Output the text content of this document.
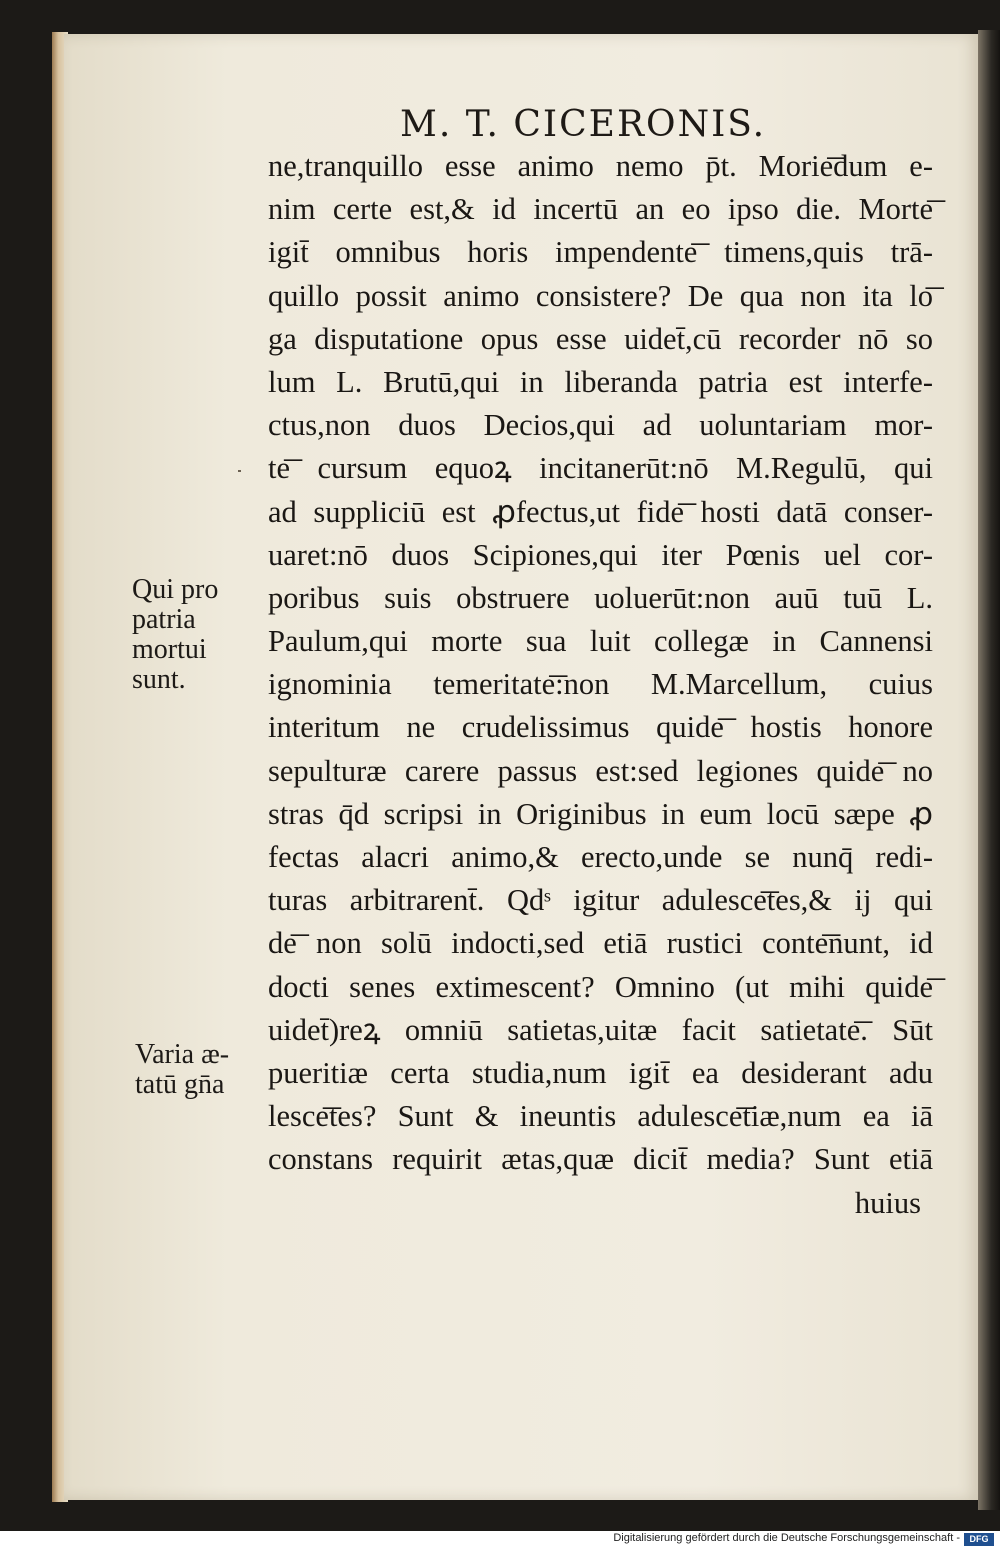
M. T. CICERONIS.
ne,tranquillo esse animo nemo p̄t. Morie͞dum e-
nim certe est,& id incertū an eo ipso die. Morte͞
igit̄ omnibus horis impendente͞ timens,quis trā-
quillo possit animo consistere? De qua non ita lo͞
ga disputatione opus esse uidet̄,cū recorder nō so
lum L. Brutū,qui in liberanda patria est interfe-
ctus,non duos Decios,qui ad uoluntariam mor-
te͞ cursum equoꝝ incitanerūt:nō M.Regulū, qui
ad suppliciū est ꝓfectus,ut fide͞ hosti datā conser-
uaret:nō duos Scipiones,qui iter Pœnis uel cor-
poribus suis obstruere uoluerūt:non auū tuū L.
Paulum,qui morte sua luit collegæ in Cannensi
ignominia temeritate͞:non M.Marcellum, cuius
interitum ne crudelissimus quide͞ hostis honore
sepulturæ carere passus est:sed legiones quide͞ no
stras q̄d scripsi in Originibus in eum locū sæpe ꝓ
fectas alacri animo,& erecto,unde se nunq̄ redi-
turas arbitrarent̄. Qdˢ igitur adulesce͞tes,& ij qui
de͞ non solū indocti,sed etiā rustici conte͞nunt, id
docti senes extimescent? Omnino (ut mihi quide͞
uidet̄)reꝝ omniū satietas,uitæ facit satietate͞. Sūt
pueritiæ certa studia,num igit̄ ea desiderant adu
lesce͞tes? Sunt & ineuntis adulesce͞tiæ,num ea iā
constans requirit ætas,quæ dicit̄ media? Sunt etiā
huius
Qui pro
patria
mortui
sunt.
Varia æ-
tatū gn̄a
Digitalisierung gefördert durch die Deutsche Forschungsgemeinschaft -	DFG
